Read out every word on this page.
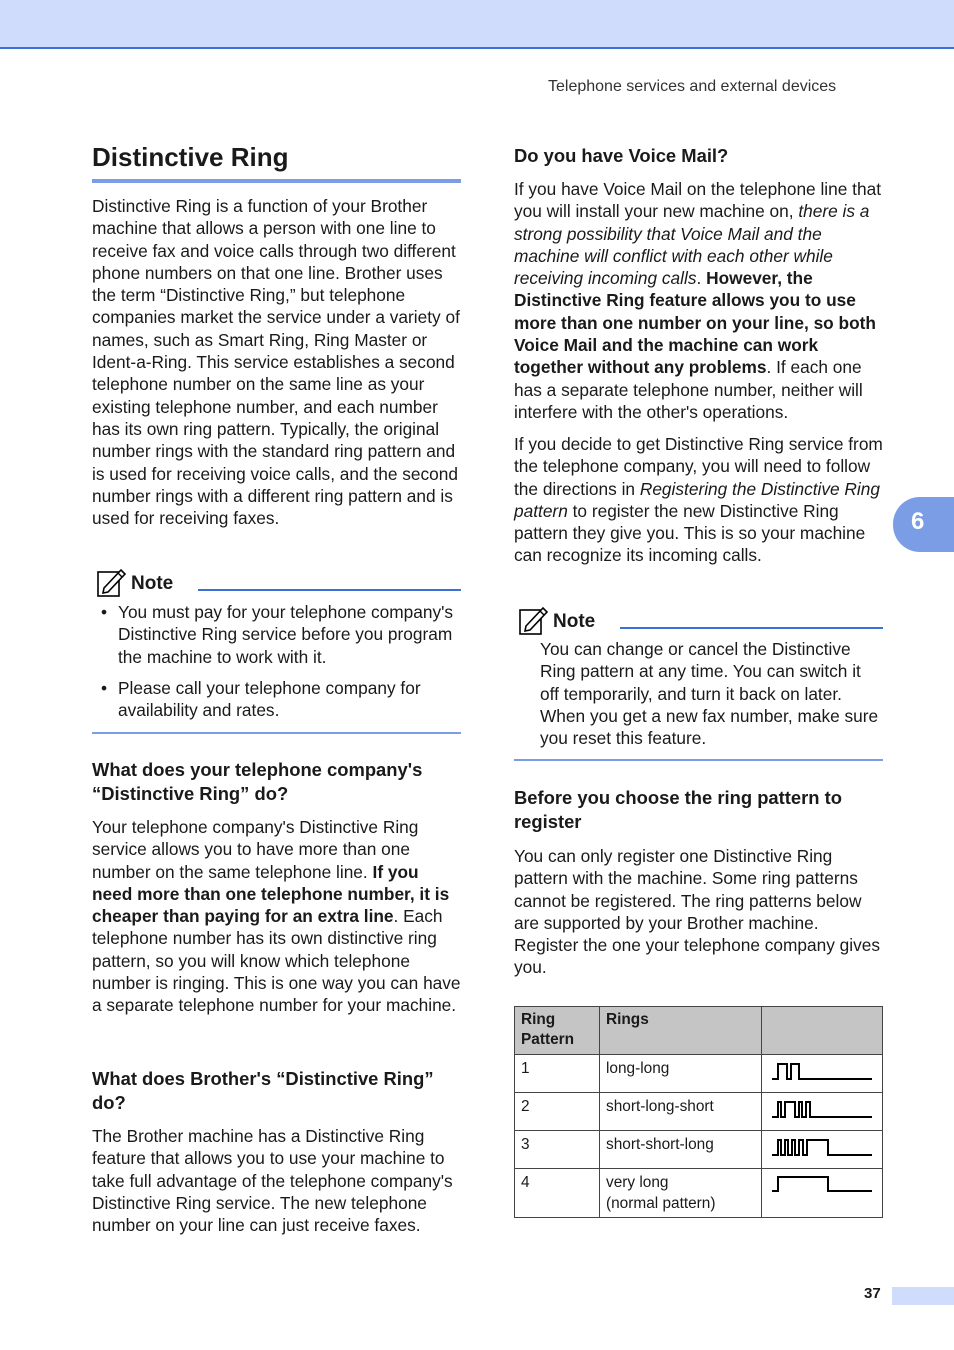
Telephone services and external devices
Distinctive Ring

Distinctive Ring is a function of your Brother machine that allows a person with one line to receive fax and voice calls through two different phone numbers on that one line. Brother uses the term “Distinctive Ring,” but telephone companies market the service under a variety of names, such as Smart Ring, Ring Master or Ident-a-Ring. This service establishes a second telephone number on the same line as your existing telephone number, and each number has its own ring pattern. Typically, the original number rings with the standard ring pattern and is used for receiving voice calls, and the second number rings with a different ring pattern and is used for receiving faxes.

Note
• You must pay for your telephone company's Distinctive Ring service before you program the machine to work with it.
• Please call your telephone company for availability and rates.
What does your telephone company's “Distinctive Ring” do?

Your telephone company's Distinctive Ring service allows you to have more than one number on the same telephone line. If you need more than one telephone number, it is cheaper than paying for an extra line. Each telephone number has its own distinctive ring pattern, so you will know which telephone number is ringing. This is one way you can have a separate telephone number for your machine.

What does Brother's “Distinctive Ring” do?

The Brother machine has a Distinctive Ring feature that allows you to use your machine to take full advantage of the telephone company's Distinctive Ring service. The new telephone number on your line can just receive faxes.

Do you have Voice Mail?

If you have Voice Mail on the telephone line that you will install your new machine on, there is a strong possibility that Voice Mail and the machine will conflict with each other while receiving incoming calls. However, the Distinctive Ring feature allows you to use more than one number on your line, so both Voice Mail and the machine can work together without any problems. If each one has a separate telephone number, neither will interfere with the other's operations.

If you decide to get Distinctive Ring service from the telephone company, you will need to follow the directions in Registering the Distinctive Ring pattern to register the new Distinctive Ring pattern they give you. This is so your machine can recognize its incoming calls.

Note

You can change or cancel the Distinctive Ring pattern at any time. You can switch it off temporarily, and turn it back on later. When you get a new fax number, make sure you reset this feature.

Before you choose the ring pattern to register

You can only register one Distinctive Ring pattern with the machine. Some ring patterns cannot be registered. The ring patterns below are supported by your Brother machine. Register the one your telephone company gives you.

Ring Pattern	Rings	
1	long-long	
2	short-long-short	
3	short-short-long	
4	very long
(normal pattern)	
6
37
